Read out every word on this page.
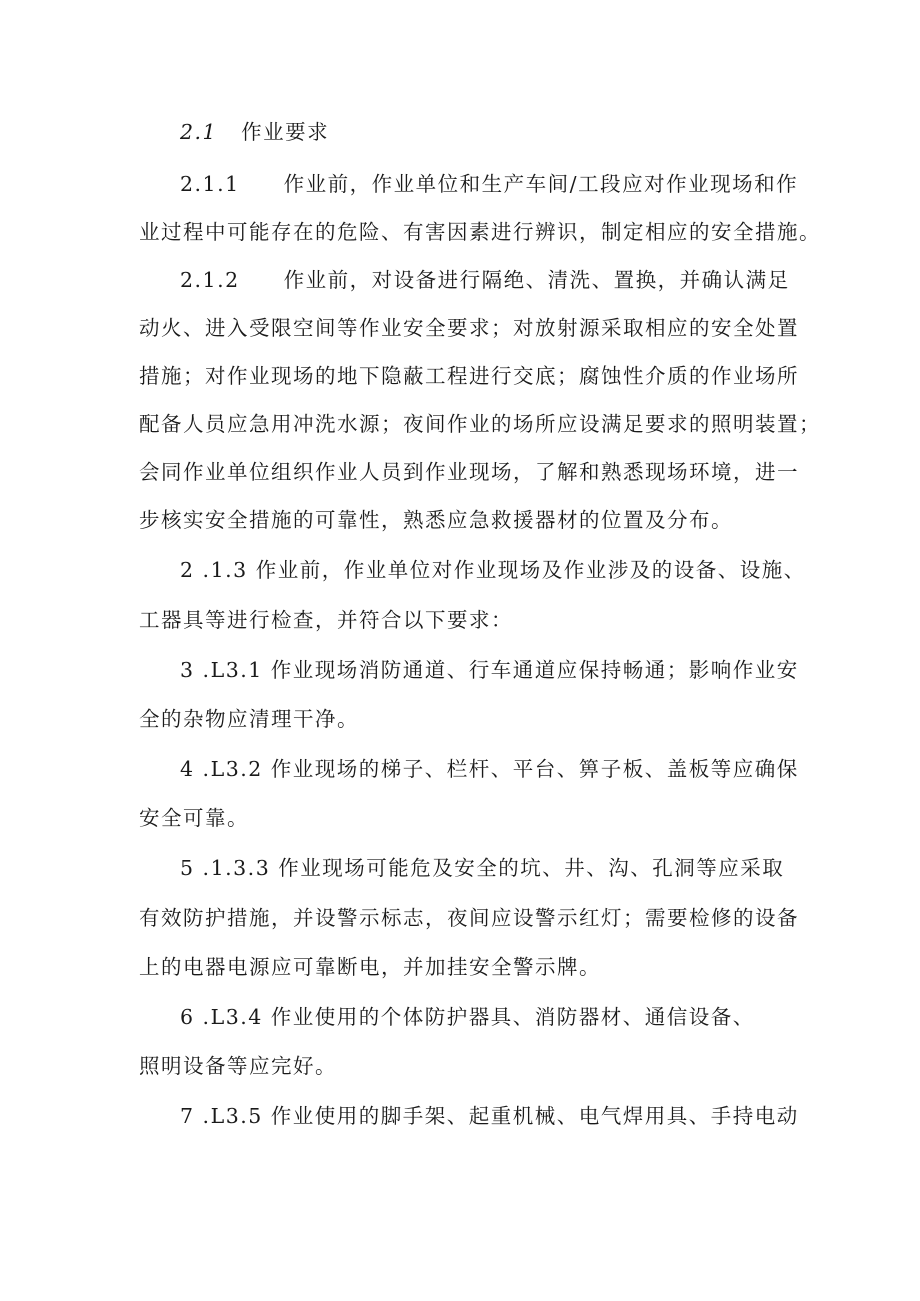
2.1 作业要求
2.1.1　　作业前，作业单位和生产车间/工段应对作业现场和作
业过程中可能存在的危险、有害因素进行辨识，制定相应的安全措施。
2.1.2　　作业前，对设备进行隔绝、清洗、置换，并确认满足
动火、进入受限空间等作业安全要求；对放射源采取相应的安全处置
措施；对作业现场的地下隐蔽工程进行交底；腐蚀性介质的作业场所
配备人员应急用冲洗水源；夜间作业的场所应设满足要求的照明装置；
会同作业单位组织作业人员到作业现场，了解和熟悉现场环境，进一
步核实安全措施的可靠性，熟悉应急救援器材的位置及分布。
2 .1.3 作业前，作业单位对作业现场及作业涉及的设备、设施、
工器具等进行检查，并符合以下要求：
3 .L3.1 作业现场消防通道、行车通道应保持畅通；影响作业安
全的杂物应清理干净。
4 .L3.2 作业现场的梯子、栏杆、平台、箅子板、盖板等应确保
安全可靠。
5 .1.3.3 作业现场可能危及安全的坑、井、沟、孔洞等应采取
有效防护措施，并设警示标志，夜间应设警示红灯；需要检修的设备
上的电器电源应可靠断电，并加挂安全警示牌。
6 .L3.4 作业使用的个体防护器具、消防器材、通信设备、
照明设备等应完好。
7 .L3.5 作业使用的脚手架、起重机械、电气焊用具、手持电动
